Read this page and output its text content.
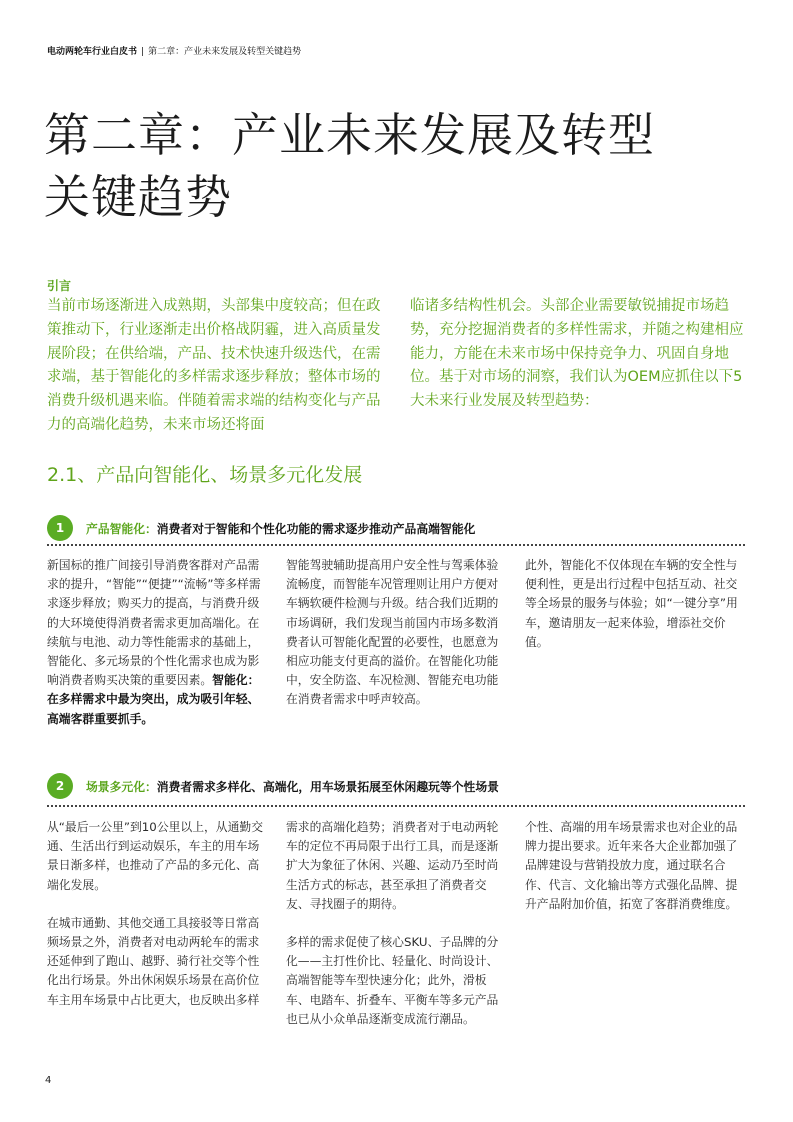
电动两轮车行业白皮书 | 第二章：产业未来发展及转型关键趋势
第二章：产业未来发展及转型
关键趋势
引言
当前市场逐渐进入成熟期，头部集中度较高；但在政策推动下，行业逐渐走出价格战阴霾，进入高质量发展阶段；在供给端，产品、技术快速升级迭代，在需求端，基于智能化的多样需求逐步释放；整体市场的消费升级机遇来临。伴随着需求端的结构变化与产品力的高端化趋势，未来市场还将面
临诸多结构性机会。头部企业需要敏锐捕捉市场趋势，充分挖掘消费者的多样性需求，并随之构建相应能力，方能在未来市场中保持竞争力、巩固自身地位。基于对市场的洞察，我们认为OEM应抓住以下5大未来行业发展及转型趋势：
2.1、产品向智能化、场景多元化发展
1	产品智能化：消费者对于智能和个性化功能的需求逐步推动产品高端智能化
新国标的推广间接引导消费客群对产品需求的提升，“智能”“便捷”“流畅”等多样需求逐步释放；购买力的提高，与消费升级的大环境使得消费者需求更加高端化。在续航与电池、动力等性能需求的基础上，智能化、多元场景的个性化需求也成为影响消费者购买决策的重要因素。智能化：在多样需求中最为突出，成为吸引年轻、高端客群重要抓手。
智能驾驶辅助提高用户安全性与驾乘体验流畅度，而智能车况管理则让用户方便对车辆软硬件检测与升级。结合我们近期的市场调研，我们发现当前国内市场多数消费者认可智能化配置的必要性，也愿意为相应功能支付更高的溢价。在智能化功能中，安全防盗、车况检测、智能充电功能在消费者需求中呼声较高。
此外，智能化不仅体现在车辆的安全性与便利性，更是出行过程中包括互动、社交等全场景的服务与体验；如“一键分享”用车，邀请朋友一起来体验，增添社交价值。
2	场景多元化：消费者需求多样化、高端化，用车场景拓展至休闲趣玩等个性场景

从“最后一公里”到10公里以上，从通勤交通、生活出行到运动娱乐，车主的用车场景日渐多样，也推动了产品的多元化、高端化发展。

在城市通勤、其他交通工具接驳等日常高频场景之外，消费者对电动两轮车的需求还延伸到了跑山、越野、骑行社交等个性化出行场景。外出休闲娱乐场景在高价位车主用车场景中占比更大，也反映出多样

需求的高端化趋势；消费者对于电动两轮车的定位不再局限于出行工具，而是逐渐扩大为象征了休闲、兴趣、运动乃至时尚生活方式的标志，甚至承担了消费者交友、寻找圈子的期待。

多样的需求促使了核心SKU、子品牌的分化——主打性价比、轻量化、时尚设计、高端智能等车型快速分化；此外，滑板车、电踏车、折叠车、平衡车等多元产品也已从小众单品逐渐变成流行潮品。

个性、高端的用车场景需求也对企业的品牌力提出要求。近年来各大企业都加强了品牌建设与营销投放力度，通过联名合作、代言、文化输出等方式强化品牌、提升产品附加价值，拓宽了客群消费维度。
4
